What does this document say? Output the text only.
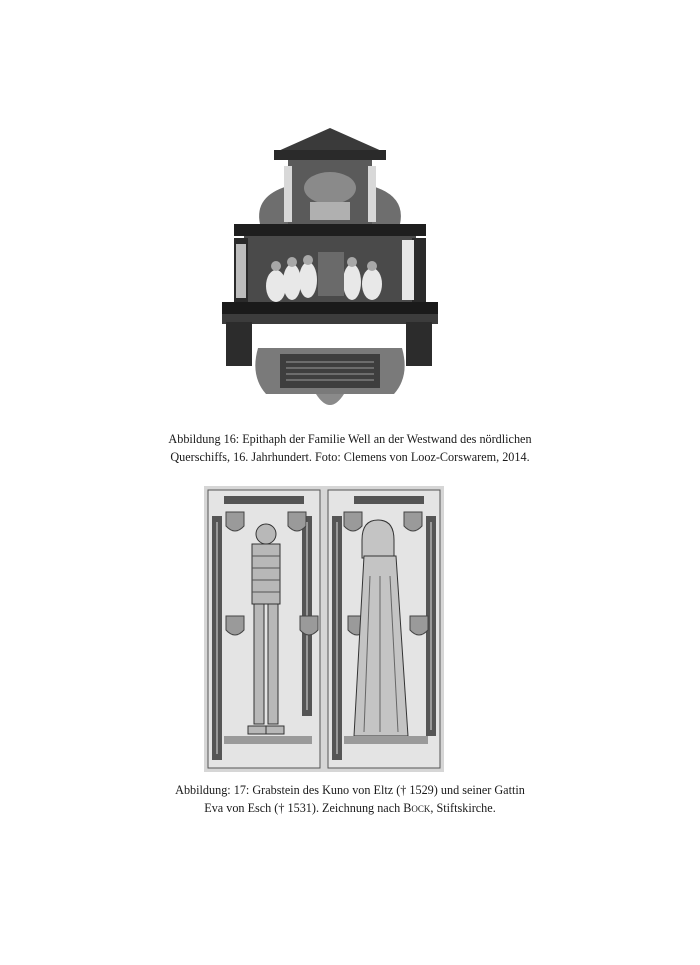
Abbildung 16: Epithaph der Familie Well an der Westwand des nördlichen
Querschiffs, 16. Jahrhundert. Foto: Clemens von Looz-Corswarem, 2014.
Abbildung: 17: Grabstein des Kuno von Eltz († 1529) und seiner Gattin
Eva von Esch († 1531). Zeichnung nach Bock, Stiftskirche.
